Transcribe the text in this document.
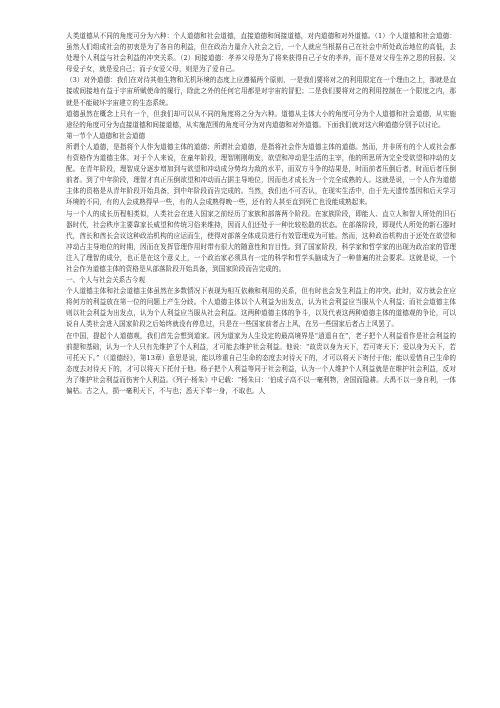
人类道德从不同的角度可分为六种：个人道德和社会道德，直接道德和间接道德，对内道德和对外道德。（1）个人道德和社会道德：虽然人们组成社会的初衷是为了各自的利益，但在政治力量介入社会之后，一个人就应当根据自己在社会中所处政治地位的高低，去处理个人利益与社会利益的冲突关系。（2）间接道德：孝养父母是为了将来获得自己子女的孝养，而不是对父母生养之恩的回报。父母爱子女，就是爱自己；而子女爱父母，则是为了爱自己。

（3）对外道德：我们在对待其他生物和无机环境的态度上应遵循两个原则，一是我们要将对之的利用限定在一个理由之上，那就是直接或间接地有益于宇宙所赋使命的履行，除此之外的任何它用都是对宇宙的冒犯；二是我们要将对之的利用控制在一个限度之内，那就是不能破坏宇宙建立的生态系统。

道德虽然在概念上只有一个，但我们却可以从不同的角度将之分为六种。道德从主体大小的角度可分为个人道德和社会道德，从实施途径的角度可分为直接道德和间接道德，从实施范围的角度可分为对内道德和对外道德。下面我们就对这六种道德分别予以讨论。

第一节个人道德和社会道德

所谓个人道德，是指将个人作为道德主体的道德；所谓社会道德，是指将社会作为道德主体的道德。然而，并非所有的个人或社会都有资格作为道德主体。对于个人来说，在童年阶段，理智刚刚萌发，欲望和冲动是生活的主宰，他的所思所为完全受欲望和冲动的支配。在青年阶段，理智成分逐步增加到与欲望和冲动成分势均力敌的水平，而双方斗争的结果是，时而前者压倒后者，时而后者压倒前者。到了中年阶段，理智才真正压倒欲望和冲动而占据主导地位，因而也才成长为一个完全成熟的人。这就是说，一个人作为道德主体的资格是从青年阶段开始具备，到中年阶段而告完成的。当然，我们也不可否认，在现实生活中，由于先天遗传基因和后天学习环境的不同，有的人会成熟得早一些，有的人会成熟得晚一些，还有的人甚至直到死亡也没能成熟起来。

与一个人的成长历程相类似，人类社会在进入国家之前经历了家族和部落两个阶段。在家族阶段，即能人、直立人和智人所处的旧石器时代，社会秩序主要靠家长威望和传统习俗来维持，因而人们还处于一种比较松散的状态。在部落阶段，即现代人所处的新石器时代，酋长和酋长会议这种政治机构的应运而生，使得对部落全体成员进行有效管理成为可能。然而，这种政治机构由于还处在欲望和冲动占主导地位的时期，因而在发挥管理作用时带有很大的随意性和盲目性。到了国家阶段，科学家和哲学家的出现为政治家的管理注入了理智的成分，也正是在这个意义上，一个政治家必须具有一定的科学和哲学头脑成为了一种普遍的社会要求。这就是说，一个社会作为道德主体的资格是从部落阶段开始具备，到国家阶段而告完成的。

一、个人与社会关系古今观

个人道德主体和社会道德主体虽然在多数情况下表现为相互依赖和利用的关系，但有时也会发生利益上的冲突。此时，双方就会在应将何方的利益放在第一位的问题上产生分歧。个人道德主体以个人利益为出发点，认为社会利益应当服从个人利益；而社会道德主体则以社会利益为出发点，认为个人利益应当服从社会利益。这两种道德主体的争斗，以及代表这两种道德主体的道德观的争论，可以说自人类社会进入国家阶段之后始终就没有停息过，只是在一些国家前者占上风，在另一些国家后者占上风罢了。

在中国，提起个人道德观，我们首先会想到道家。因为道家为人生设定的最高境界是“逍遥自在”，老子把个人利益看作是社会利益的前提和基础，认为一个人只有先维护了个人利益，才可能去维护社会利益。他说：“故贵以身为天下，若可寄天下；爱以身为天下，若可托天下。”（《道德经》，第13章）意思是说，能以珍重自己生命的态度去对待天下的，才可以将天下寄付于他；能以爱惜自己生命的态度去对待天下的，才可以将天下托付于他。杨子把个人利益等同于社会利益，认为一个人维护个人利益就是在维护社会利益，反对为了维护社会利益而伤害个人利益。《列子·杨朱》中记载：“杨朱曰：‘伯成子高不以一毫利物，舍国而隐耕。大禹不以一身自利，一体偏枯。古之人，损一毫利天下，不与也；悉天下奉一身，不取也。人
